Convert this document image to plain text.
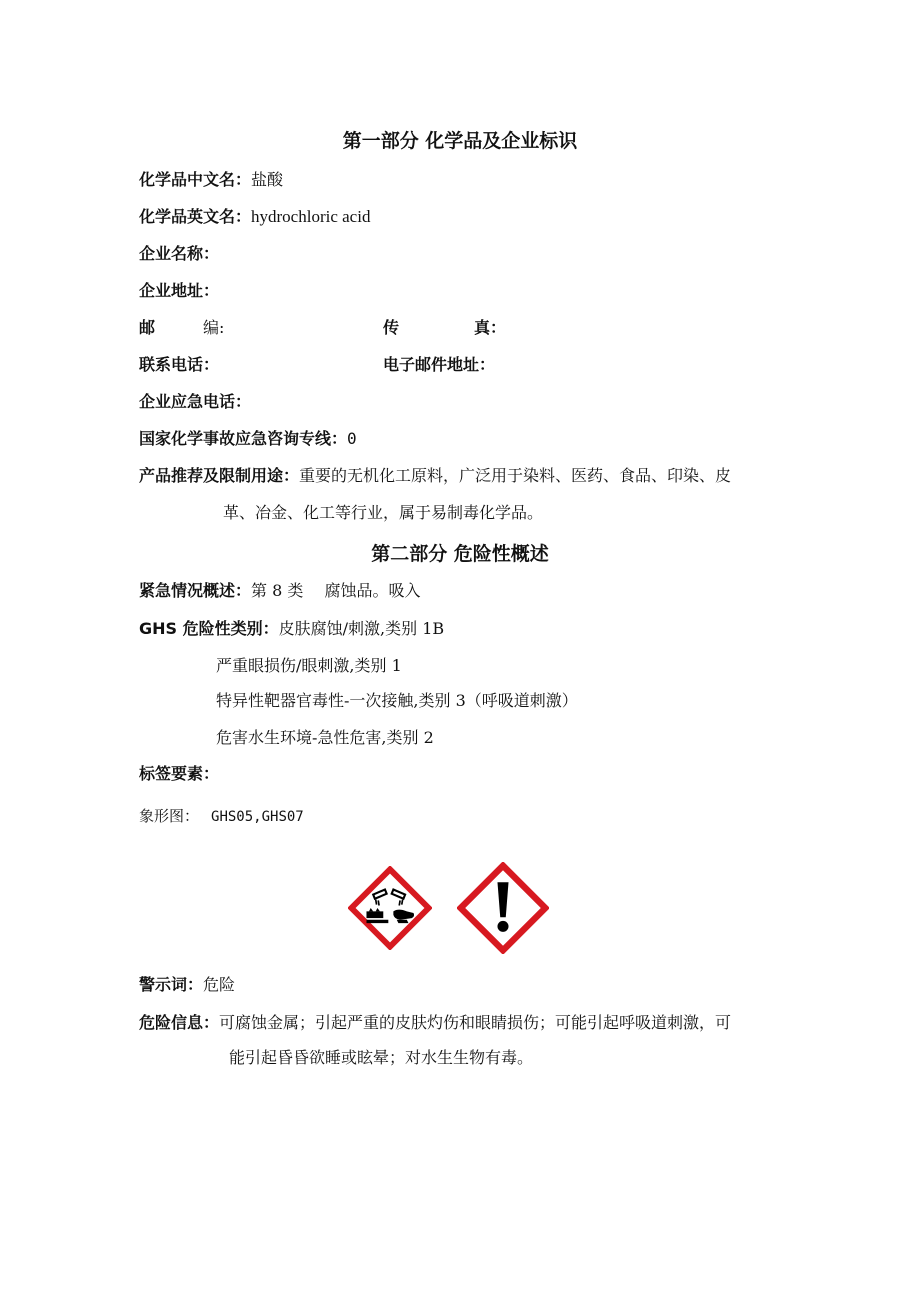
第一部分 化学品及企业标识
化学品中文名：盐酸
化学品英文名：hydrochloric acid
企业名称：
企业地址：
邮	编:	传	真：
联系电话：	电子邮件地址：
企业应急电话：
国家化学事故应急咨询专线：0
产品推荐及限制用途：重要的无机化工原料，广泛用于染料、医药、食品、印染、皮
革、冶金、化工等行业，属于易制毒化学品。
第二部分 危险性概述
紧急情况概述：第 8 类　 腐蚀品。吸入
GHS 危险性类别：皮肤腐蚀/刺激,类别 1B
严重眼损伤/眼刺激,类别 1
特异性靶器官毒性-一次接触,类别 3（呼吸道刺激）
危害水生环境-急性危害,类别 2
标签要素：
象形图： GHS05,GHS07
警示词：危险
危险信息：可腐蚀金属；引起严重的皮肤灼伤和眼睛损伤；可能引起呼吸道刺激，可
能引起昏昏欲睡或眩晕；对水生生物有毒。
